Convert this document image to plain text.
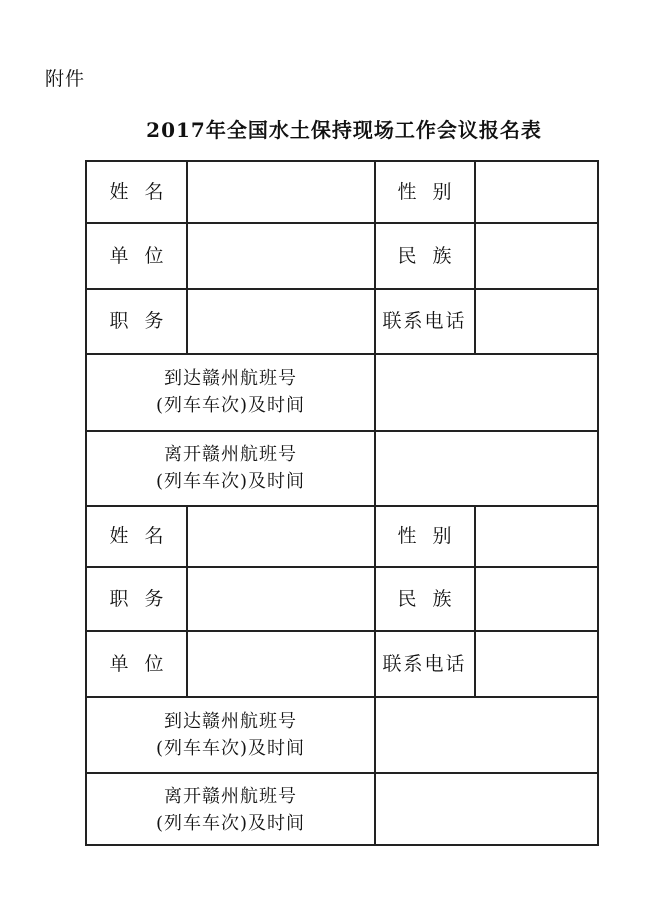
附件
2017年全国水土保持现场工作会议报名表
姓名	性别
单位	民族
职务	联系电话
到达赣州航班号
(列车车次)及时间
离开赣州航班号
(列车车次)及时间
姓名	性别
职务	民族
单位	联系电话
到达赣州航班号
(列车车次)及时间
离开赣州航班号
(列车车次)及时间
